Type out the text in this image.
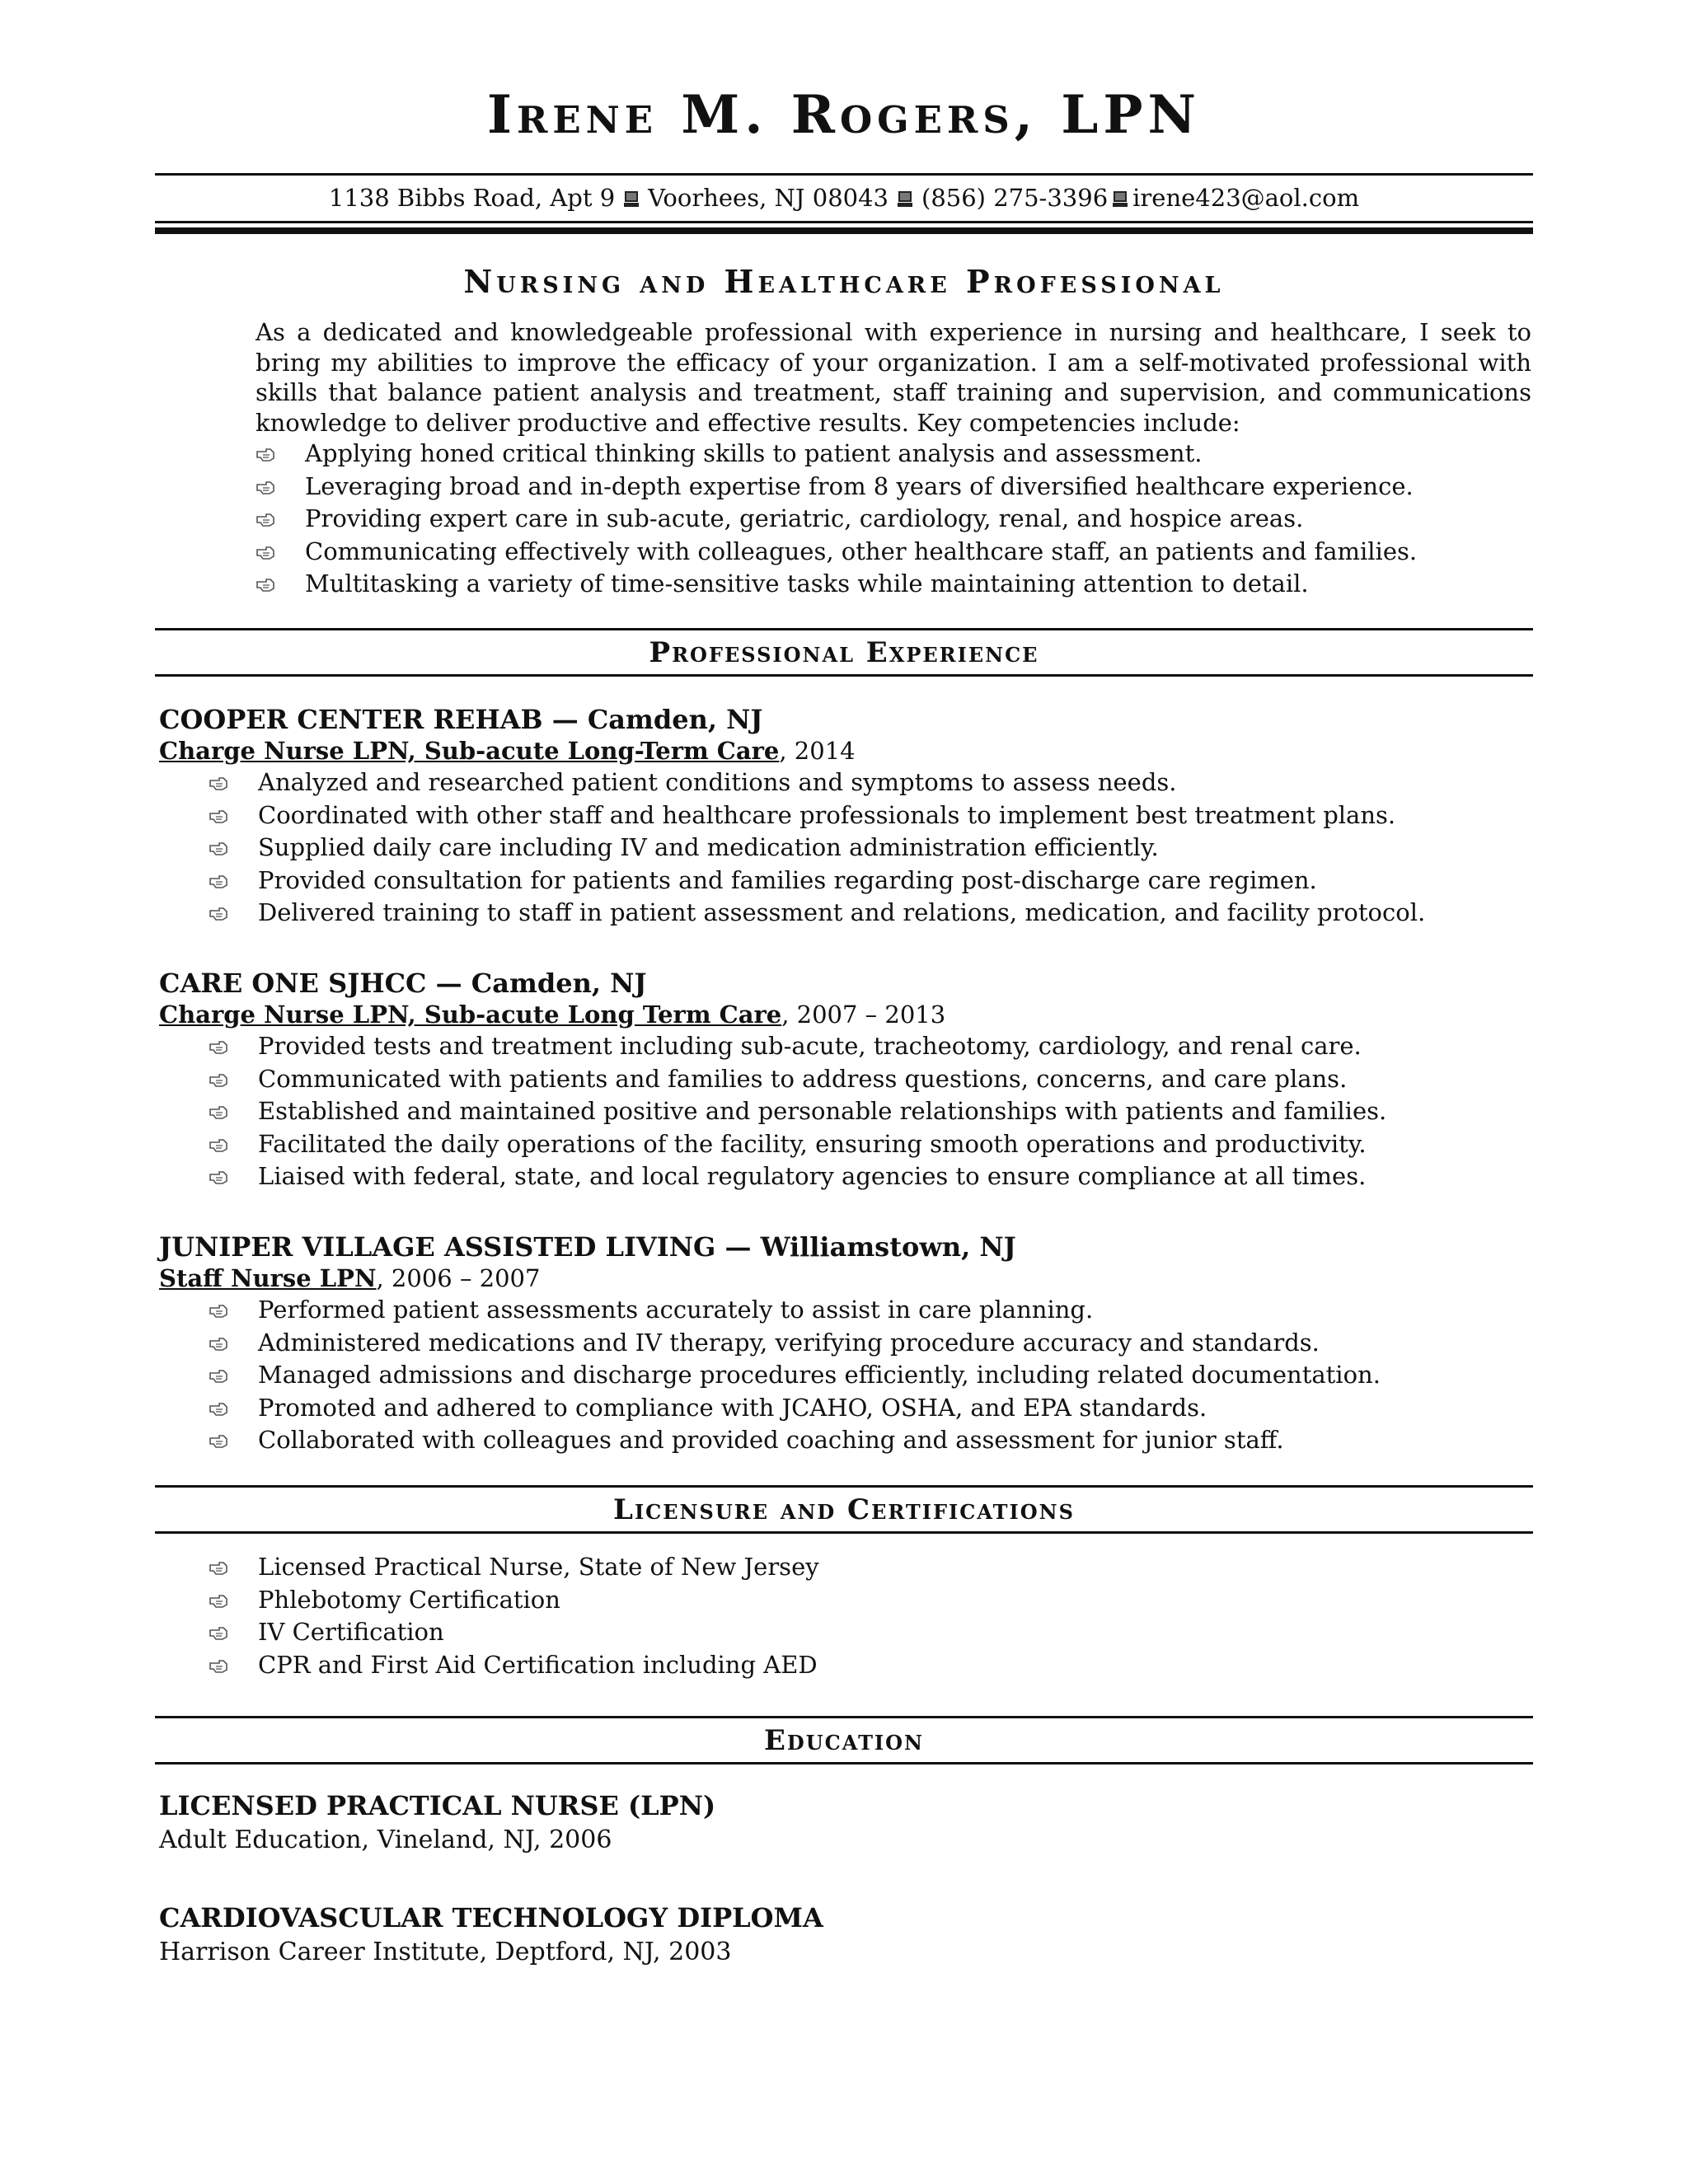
Irene M. Rogers, LPN
1138 Bibbs Road, Apt 9 Voorhees, NJ 08043 (856) 275-3396 irene423@aol.com
Nursing and Healthcare Professional

As a dedicated and knowledgeable professional with experience in nursing and healthcare, I seek to bring my abilities to improve the efficacy of your organization. I am a self-motivated professional with skills that balance patient analysis and treatment, staff training and supervision, and communications knowledge to deliver productive and effective results. Key competencies include:

Applying honed critical thinking skills to patient analysis and assessment.
Leveraging broad and in-depth expertise from 8 years of diversified healthcare experience.
Providing expert care in sub-acute, geriatric, cardiology, renal, and hospice areas.
Communicating effectively with colleagues, other healthcare staff, an patients and families.
Multitasking a variety of time-sensitive tasks while maintaining attention to detail.
Professional Experience
COOPER CENTER REHAB — Camden, NJ
Charge Nurse LPN, Sub-acute Long-Term Care, 2014
Analyzed and researched patient conditions and symptoms to assess needs.
Coordinated with other staff and healthcare professionals to implement best treatment plans.
Supplied daily care including IV and medication administration efficiently.
Provided consultation for patients and families regarding post-discharge care regimen.
Delivered training to staff in patient assessment and relations, medication, and facility protocol.
CARE ONE SJHCC — Camden, NJ
Charge Nurse LPN, Sub-acute Long Term Care, 2007 – 2013
Provided tests and treatment including sub-acute, tracheotomy, cardiology, and renal care.
Communicated with patients and families to address questions, concerns, and care plans.
Established and maintained positive and personable relationships with patients and families.
Facilitated the daily operations of the facility, ensuring smooth operations and productivity.
Liaised with federal, state, and local regulatory agencies to ensure compliance at all times.
JUNIPER VILLAGE ASSISTED LIVING — Williamstown, NJ
Staff Nurse LPN, 2006 – 2007
Performed patient assessments accurately to assist in care planning.
Administered medications and IV therapy, verifying procedure accuracy and standards.
Managed admissions and discharge procedures efficiently, including related documentation.
Promoted and adhered to compliance with JCAHO, OSHA, and EPA standards.
Collaborated with colleagues and provided coaching and assessment for junior staff.
Licensure and Certifications
Licensed Practical Nurse, State of New Jersey
Phlebotomy Certification
IV Certification
CPR and First Aid Certification including AED
Education
LICENSED PRACTICAL NURSE (LPN)
Adult Education, Vineland, NJ, 2006
CARDIOVASCULAR TECHNOLOGY DIPLOMA
Harrison Career Institute, Deptford, NJ, 2003
